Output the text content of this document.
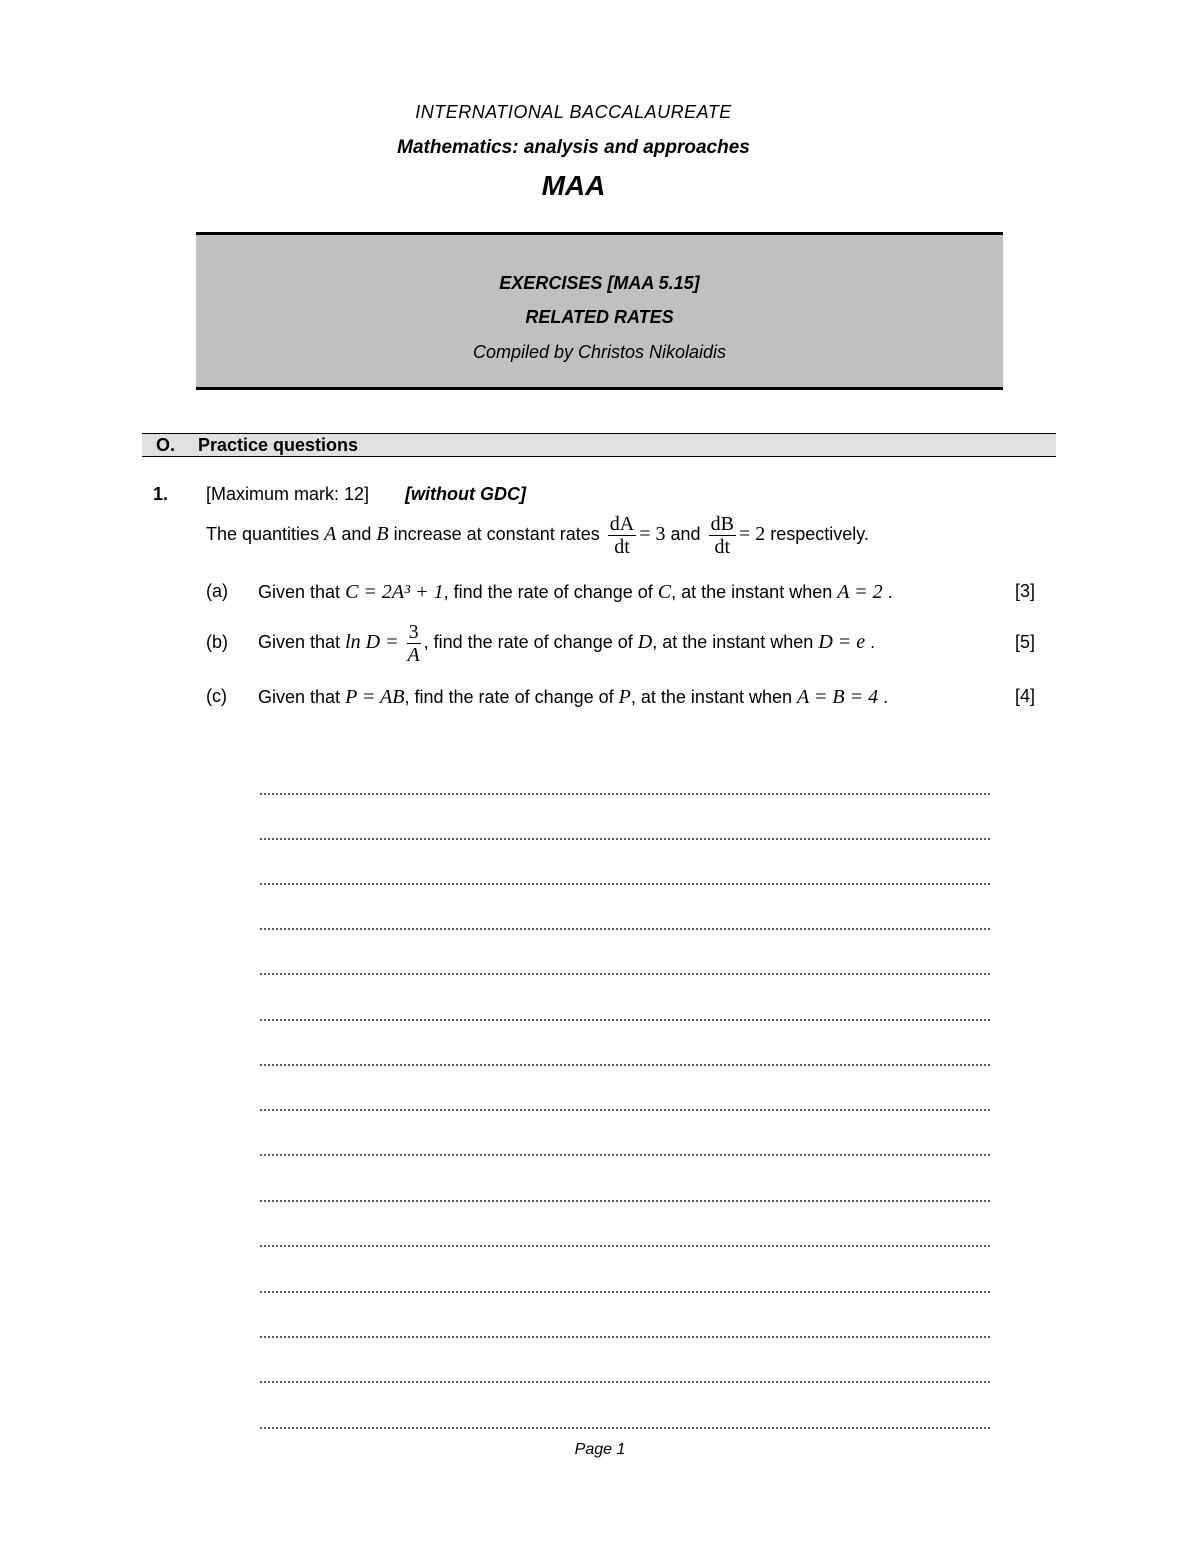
INTERNATIONAL BACCALAUREATE
Mathematics: analysis and approaches
MAA
EXERCISES [MAA 5.15]
RELATED RATES
Compiled by Christos Nikolaidis
O. Practice questions
1. [Maximum mark: 12] [without GDC]
The quantities A and B increase at constant rates $\frac{dA}{dt} = 3$ and $\frac{dB}{dt} = 2$ respectively.
(a) Given that C = 2A³ + 1, find the rate of change of C, at the instant when A = 2 .	[3]
(b) Given that $\ln D = \frac{3}{A}$ , find the rate of change of D, at the instant when D = e .	[5]
(c) Given that P = AB, find the rate of change of P, at the instant when A = B = 4 .	[4]
Page 1
